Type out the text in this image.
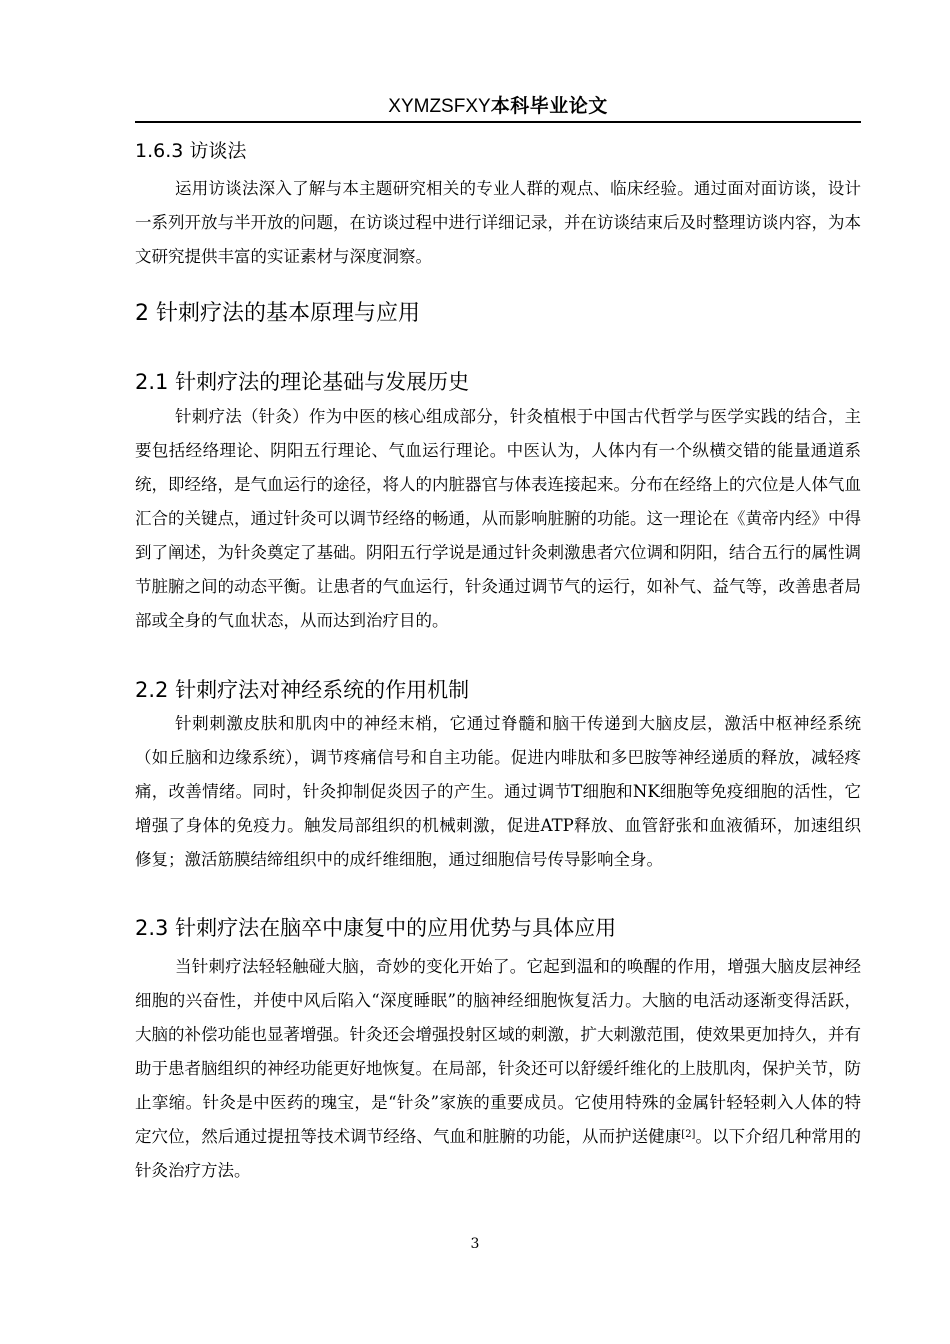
XYMZSFXY本科毕业论文
1.6.3 访谈法

运用访谈法深入了解与本主题研究相关的专业人群的观点、临床经验。通过面对面访谈，设计一系列开放与半开放的问题，在访谈过程中进行详细记录，并在访谈结束后及时整理访谈内容，为本文研究提供丰富的实证素材与深度洞察。

2 针刺疗法的基本原理与应用
2.1 针刺疗法的理论基础与发展历史

针刺疗法（针灸）作为中医的核心组成部分，针灸植根于中国古代哲学与医学实践的结合，主要包括经络理论、阴阳五行理论、气血运行理论。中医认为，人体内有一个纵横交错的能量通道系统，即经络，是气血运行的途径，将人的内脏器官与体表连接起来。分布在经络上的穴位是人体气血汇合的关键点，通过针灸可以调节经络的畅通，从而影响脏腑的功能。这一理论在《黄帝内经》中得到了阐述，为针灸奠定了基础。阴阳五行学说是通过针灸刺激患者穴位调和阴阳，结合五行的属性调节脏腑之间的动态平衡。让患者的气血运行，针灸通过调节气的运行，如补气、益气等，改善患者局部或全身的气血状态，从而达到治疗目的。

2.2 针刺疗法对神经系统的作用机制

针刺刺激皮肤和肌肉中的神经末梢，它通过脊髓和脑干传递到大脑皮层，激活中枢神经系统（如丘脑和边缘系统），调节疼痛信号和自主功能。促进内啡肽和多巴胺等神经递质的释放，减轻疼痛，改善情绪。同时，针灸抑制促炎因子的产生。通过调节T细胞和NK细胞等免疫细胞的活性，它增强了身体的免疫力。触发局部组织的机械刺激，促进ATP释放、血管舒张和血液循环，加速组织修复；激活筋膜结缔组织中的成纤维细胞，通过细胞信号传导影响全身。

2.3 针刺疗法在脑卒中康复中的应用优势与具体应用

当针刺疗法轻轻触碰大脑，奇妙的变化开始了。它起到温和的唤醒的作用，增强大脑皮层神经细胞的兴奋性，并使中风后陷入“深度睡眠”的脑神经细胞恢复活力。大脑的电活动逐渐变得活跃，大脑的补偿功能也显著增强。针灸还会增强投射区域的刺激，扩大刺激范围，使效果更加持久，并有助于患者脑组织的神经功能更好地恢复。在局部，针灸还可以舒缓纤维化的上肢肌肉，保护关节，防止挛缩。针灸是中医药的瑰宝，是“针灸”家族的重要成员。它使用特殊的金属针轻轻刺入人体的特定穴位，然后通过提扭等技术调节经络、气血和脏腑的功能，从而护送健康[2]。以下介绍几种常用的针灸治疗方法。

3
